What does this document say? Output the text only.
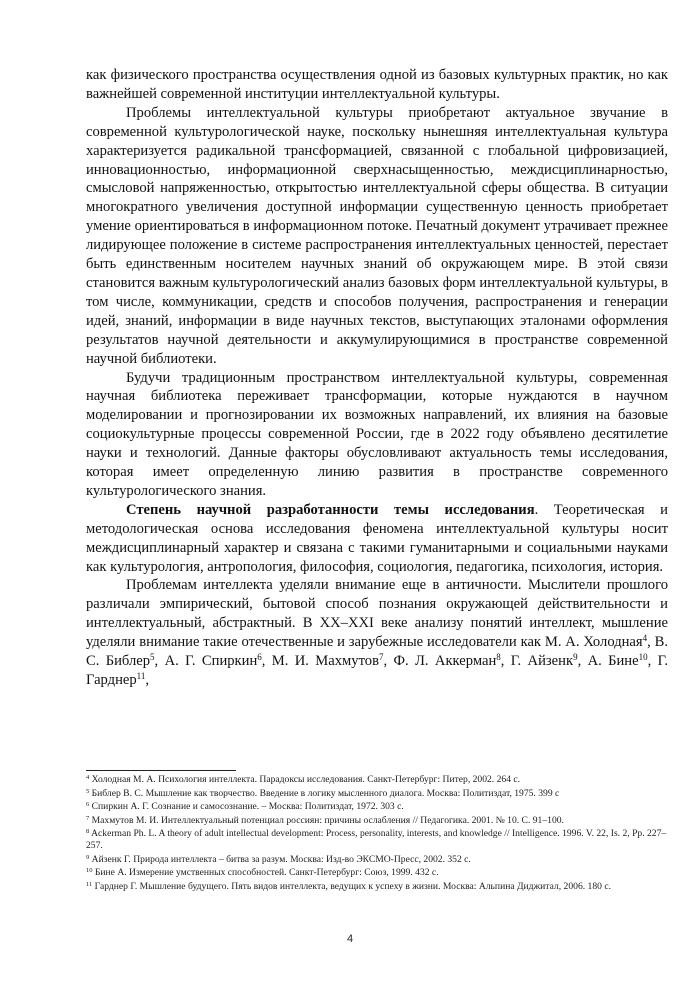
как физического пространства осуществления одной из базовых культурных практик, но как важнейшей современной институции интеллектуальной культуры.

Проблемы интеллектуальной культуры приобретают актуальное звучание в современной культурологической науке, поскольку нынешняя интеллектуальная культура характеризуется радикальной трансформацией, связанной с глобальной цифровизацией, инновационностью, информационной сверхнасыщенностью, междисциплинарностью, смысловой напряженностью, открытостью интеллектуальной сферы общества. В ситуации многократного увеличения доступной информации существенную ценность приобретает умение ориентироваться в информационном потоке. Печатный документ утрачивает прежнее лидирующее положение в системе распространения интеллектуальных ценностей, перестает быть единственным носителем научных знаний об окружающем мире. В этой связи становится важным культурологический анализ базовых форм интеллектуальной культуры, в том числе, коммуникации, средств и способов получения, распространения и генерации идей, знаний, информации в виде научных текстов, выступающих эталонами оформления результатов научной деятельности и аккумулирующимися в пространстве современной научной библиотеки.

Будучи традиционным пространством интеллектуальной культуры, современная научная библиотека переживает трансформации, которые нуждаются в научном моделировании и прогнозировании их возможных направлений, их влияния на базовые социокультурные процессы современной России, где в 2022 году объявлено десятилетие науки и технологий. Данные факторы обусловливают актуальность темы исследования, которая имеет определенную линию развития в пространстве современного культурологического знания.

Степень научной разработанности темы исследования. Теоретическая и методологическая основа исследования феномена интеллектуальной культуры носит междисциплинарный характер и связана с такими гуманитарными и социальными науками как культурология, антропология, философия, социология, педагогика, психология, история.

Проблемам интеллекта уделяли внимание еще в античности. Мыслители прошлого различали эмпирический, бытовой способ познания окружающей действительности и интеллектуальный, абстрактный. В XX–XXI веке анализу понятий интеллект, мышление уделяли внимание такие отечественные и зарубежные исследователи как М. А. Холодная$^4$, В. С. Библер$^5$, А. Г. Спиркин$^6$, М. И. Махмутов$^7$, Ф. Л. Аккерман$^8$, Г. Айзенк$^9$, А. Бине$^{10}$, Г. Гарднер$^{11}$,

$^4$ Холодная М. А. Психология интеллекта. Парадоксы исследования. Санкт-Петербург: Питер, 2002. 264 с.
$^5$ Библер В. С. Мышление как творчество. Введение в логику мысленного диалога. Москва: Политиздат, 1975. 399 с
$^6$ Спиркин А. Г. Сознание и самосознание. – Москва: Политиздат, 1972. 303 с.
$^7$ Махмутов М. И. Интеллектуальный потенциал россиян: причины ослабления // Педагогика. 2001. № 10. С. 91–100.
$^8$ Ackerman Ph. L. A theory of adult intellectual development: Process, personality, interests, and knowledge // Intelligence. 1996. V. 22, Is. 2, Pp. 227–257.
$^9$ Айзенк Г. Природа интеллекта – битва за разум. Москва: Изд-во ЭКСМО-Пресс, 2002. 352 с.
$^{10}$ Бине А. Измерение умственных способностей. Санкт-Петербург: Союз, 1999. 432 с.
$^{11}$ Гарднер Г. Мышление будущего. Пять видов интеллекта, ведущих к успеху в жизни. Москва: Альпина Диджитал, 2006. 180 с.
4
